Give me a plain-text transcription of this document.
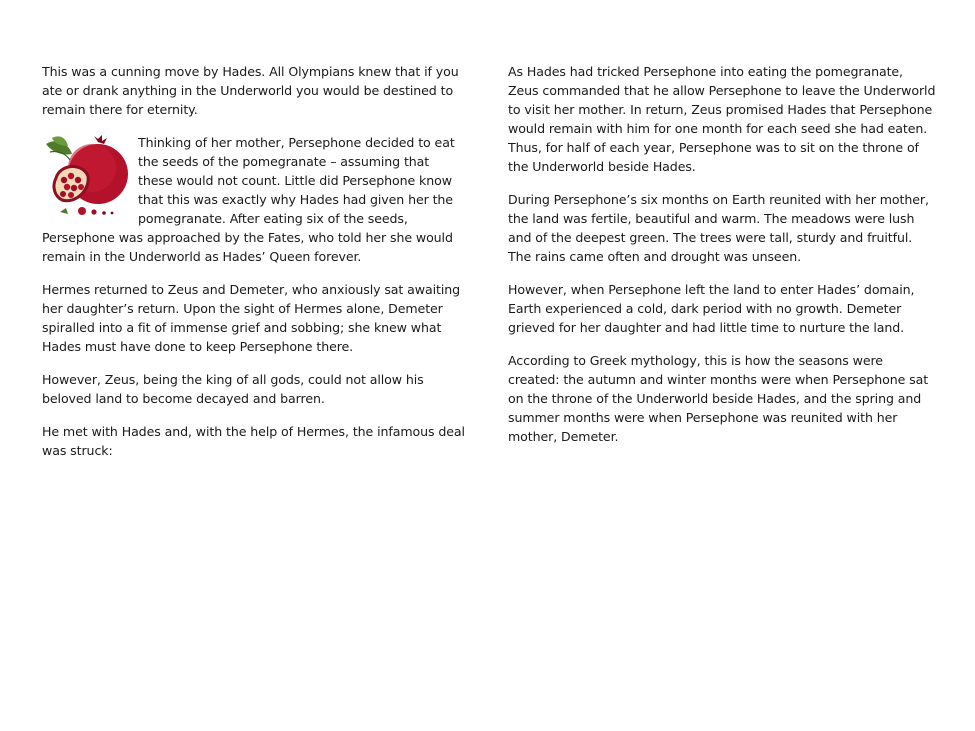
This was a cunning move by Hades. All Olympians knew that if you ate or drank anything in the Underworld you would be destined to remain there for eternity.

Thinking of her mother, Persephone decided to eat the seeds of the pomegranate – assuming that these would not count. Little did Persephone know that this was exactly why Hades had given her the pomegranate. After eating six of the seeds, Persephone was approached by the Fates, who told her she would remain in the Underworld as Hades’ Queen forever.

Hermes returned to Zeus and Demeter, who anxiously sat awaiting her daughter’s return. Upon the sight of Hermes alone, Demeter spiralled into a fit of immense grief and sobbing; she knew what Hades must have done to keep Persephone there.

However, Zeus, being the king of all gods, could not allow his beloved land to become decayed and barren.

He met with Hades and, with the help of Hermes, the infamous deal was struck:

As Hades had tricked Persephone into eating the pomegranate, Zeus commanded that he allow Persephone to leave the Underworld to visit her mother. In return, Zeus promised Hades that Persephone would remain with him for one month for each seed she had eaten. Thus, for half of each year, Persephone was to sit on the throne of the Underworld beside Hades.

During Persephone’s six months on Earth reunited with her mother, the land was fertile, beautiful and warm. The meadows were lush and of the deepest green. The trees were tall, sturdy and fruitful. The rains came often and drought was unseen.

However, when Persephone left the land to enter Hades’ domain, Earth experienced a cold, dark period with no growth. Demeter grieved for her daughter and had little time to nurture the land.

According to Greek mythology, this is how the seasons were created: the autumn and winter months were when Persephone sat on the throne of the Underworld beside Hades, and the spring and summer months were when Persephone was reunited with her mother, Demeter.
